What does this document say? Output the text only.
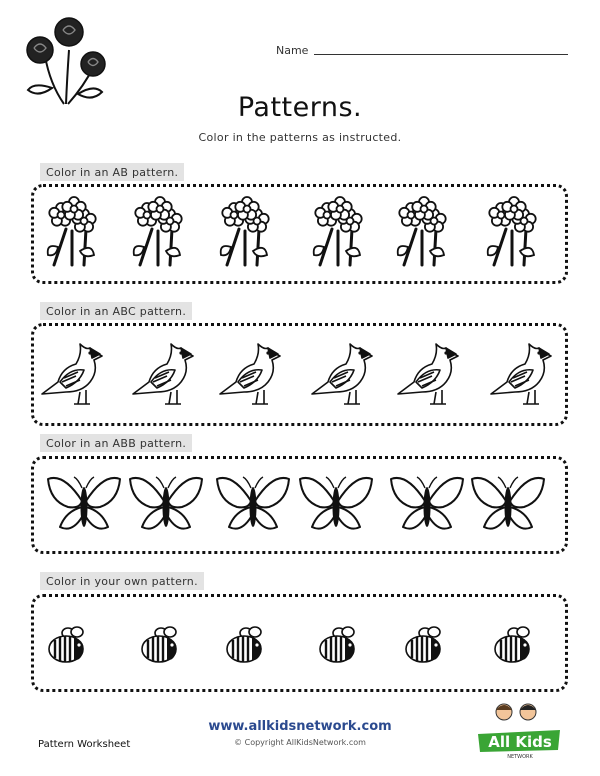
Name
Patterns.
Color in the patterns as instructed.
Color in an AB pattern.
Color in an ABC pattern.
Color in an ABB pattern.
Color in your own pattern.
www.allkidsnetwork.com
© Copyright AllKidsNetwork.com
Pattern Worksheet	All Kids
NETWORK
